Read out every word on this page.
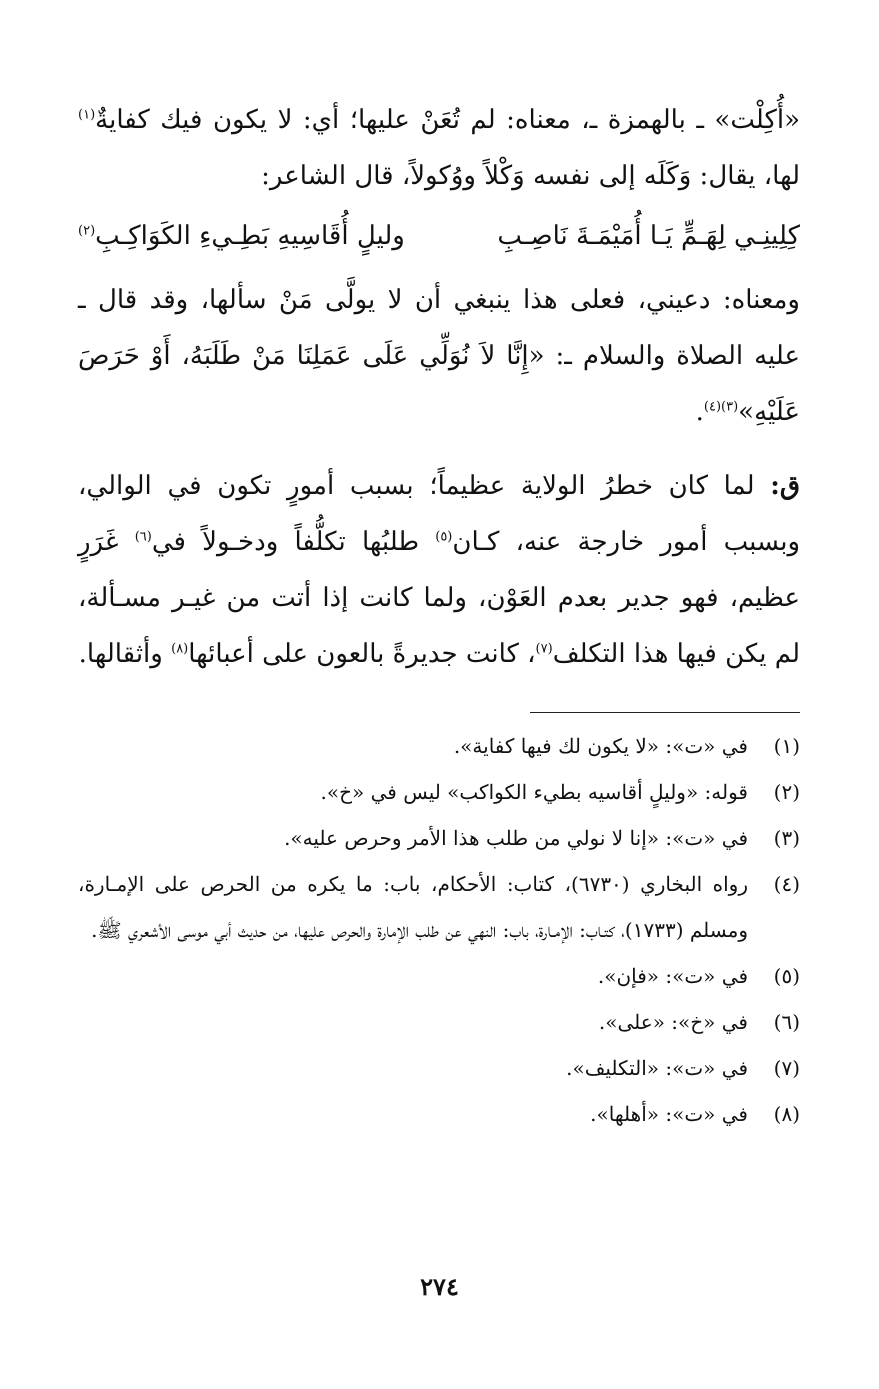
«أُكِلْت» ـ بالهمزة ـ، معناه: لم تُعَنْ عليها؛ أي: لا يكون فيك كفايةٌ$^{(١)}$ لها، يقال: وَكَلَه إلى نفسه وَكْلاً ووُكولاً، قال الشاعر:

كِلِينِـي لِهَـمٍّ يَـا أُمَيْمَـةَ نَاصِـبِ
وليلٍ أُقَاسِيهِ بَطِـيءِ الكَوَاكِـبِ$^{(٢)}$

ومعناه: دعيني، فعلى هذا ينبغي أن لا يولَّى مَنْ سألها، وقد قال ـ عليه الصلاة والسلام ـ: «إِنَّا لاَ نُوَلِّي عَلَى عَمَلِنَا مَنْ طَلَبَهُ، أَوْ حَرَصَ عَلَيْهِ»$^{(٣)(٤)}$.

ق: لما كان خطرُ الولاية عظيماً؛ بسبب أمورٍ تكون في الوالي، وبسبب أمور خارجة عنه، كـان$^{(٥)}$ طلبُها تكلُّفاً ودخـولاً في$^{(٦)}$ غَرَرٍ عظيم، فهو جدير بعدم العَوْن، ولما كانت إذا أتت من غيـر مسـألة، لم يكن فيها هذا التكلف$^{(٧)}$، كانت جديرةً بالعون على أعبائها$^{(٨)}$ وأثقالها.

(١)
في «ت»: «لا يكون لك فيها كفاية».
(٢)
قوله: «وليلٍ أقاسيه بطيء الكواكب» ليس في «خ».
(٣)
في «ت»: «إنا لا نولي من طلب هذا الأمر وحرص عليه».
(٤)
رواه البخاري (٦٧٣٠)، كتاب: الأحكام، باب: ما يكره من الحرص على الإمـارة، ومسلم (١٧٣٣)، كتـاب: الإمـارة، باب: النهي عن طلب الإمارة والحرص عليها، من حديث أبي موسى الأشعري ﷺ.
(٥)
في «ت»: «فإن».
(٦)
في «خ»: «على».
(٧)
في «ت»: «التكليف».
(٨)
في «ت»: «أهلها».
٢٧٤
